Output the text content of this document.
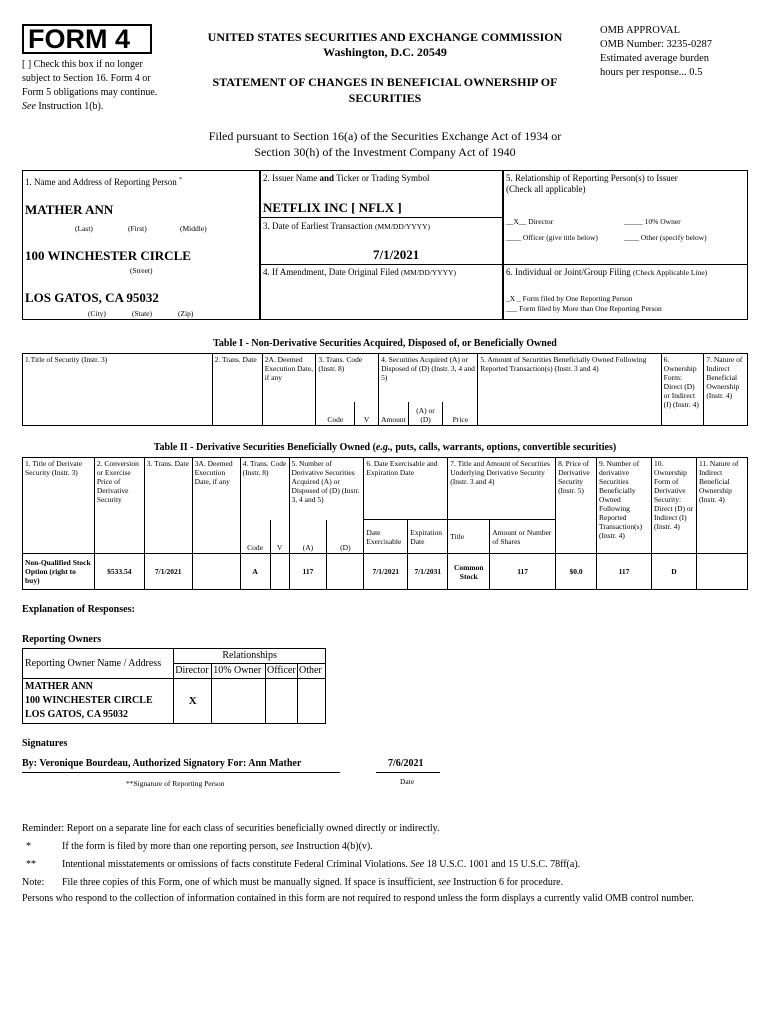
FORM 4
[ ] Check this box if no longer subject to Section 16. Form 4 or Form 5 obligations may continue. See Instruction 1(b).
UNITED STATES SECURITIES AND EXCHANGE COMMISSION
Washington, D.C. 20549
STATEMENT OF CHANGES IN BENEFICIAL OWNERSHIP OF SECURITIES
OMB APPROVAL
OMB Number: 3235-0287
Estimated average burden
hours per response... 0.5
Filed pursuant to Section 16(a) of the Securities Exchange Act of 1934 or
Section 30(h) of the Investment Company Act of 1940
1. Name and Address of Reporting Person *
MATHER ANN
(Last)	(First)	(Middle)
100 WINCHESTER CIRCLE
(Street)
LOS GATOS, CA 95032
(City)	(State)	(Zip)
2. Issuer Name and Ticker or Trading Symbol
NETFLIX INC [ NFLX ]
3. Date of Earliest Transaction (MM/DD/YYYY)
7/1/2021
4. If Amendment, Date Original Filed (MM/DD/YYYY)
5. Relationship of Reporting Person(s) to Issuer
(Check all applicable)
__X__ Director	_____ 10% Owner
____ Officer (give title below)	____ Other (specify below)
6. Individual or Joint/Group Filing (Check Applicable Line)
_X _ Form filed by One Reporting Person
___ Form filed by More than One Reporting Person
Table I - Non-Derivative Securities Acquired, Disposed of, or Beneficially Owned
1.Title of Security (Instr. 3)	2. Trans. Date	2A. Deemed Execution Date, if any	3. Trans. Code (Instr. 8)		4. Securities Acquired (A) or Disposed of (D) (Instr. 3, 4 and 5)			5. Amount of Securities Beneficially Owned Following Reported Transaction(s) (Instr. 3 and 4)	6. Ownership Form: Direct (D) or Indirect (I) (Instr. 4)	7. Nature of Indirect Beneficial Ownership (Instr. 4)
			Code	V	Amount	(A) or (D)	Price			
Table II - Derivative Securities Beneficially Owned (e.g., puts, calls, warrants, options, convertible securities)
1. Title of Derivate Security (Instr. 3)	2. Conversion or Exercise Price of Derivative Security	3. Trans. Date	3A. Deemed Execution Date, if any	4. Trans. Code (Instr. 8)		5. Number of Derivative Securities Acquired (A) or Disposed of (D) (Instr. 3, 4 and 5)		6. Date Exercisable and Expiration Date		7. Title and Amount of Securities Underlying Derivative Security (Instr. 3 and 4)		8. Price of Derivative Security (Instr. 5)	9. Number of derivative Securities Beneficially Owned Following Reported Transaction(s) (Instr. 4)	10. Ownership Form of Derivative Security: Direct (D) or Indirect (I) (Instr. 4)	11. Nature of Indirect Beneficial Ownership (Instr. 4)
				Code	V	(A)	(D)	Date Exercisable	Expiration Date	Title	Amount or Number of Shares				
Non-Qualified Stock Option (right to buy)	$533.54	7/1/2021		A		117		7/1/2021	7/1/2031	Common Stock	117	$0.0	117	D	
Explanation of Responses:
Reporting Owners
Reporting Owner Name / Address	Relationships			
	Director	10% Owner	Officer	Other

MATHER ANN
100 WINCHESTER CIRCLE
LOS GATOS, CA 95032	X			
Signatures
By: Veronique Bourdeau, Authorized Signatory For: Ann Mather	7/6/2021
**Signature of Reporting Person	Date
Reminder: Report on a separate line for each class of securities beneficially owned directly or indirectly.
*	If the form is filed by more than one reporting person, see Instruction 4(b)(v).
**	Intentional misstatements or omissions of facts constitute Federal Criminal Violations. See 18 U.S.C. 1001 and 15 U.S.C. 78ff(a).
Note: File three copies of this Form, one of which must be manually signed. If space is insufficient, see Instruction 6 for procedure.
Persons who respond to the collection of information contained in this form are not required to respond unless the form displays a currently valid OMB control number.
